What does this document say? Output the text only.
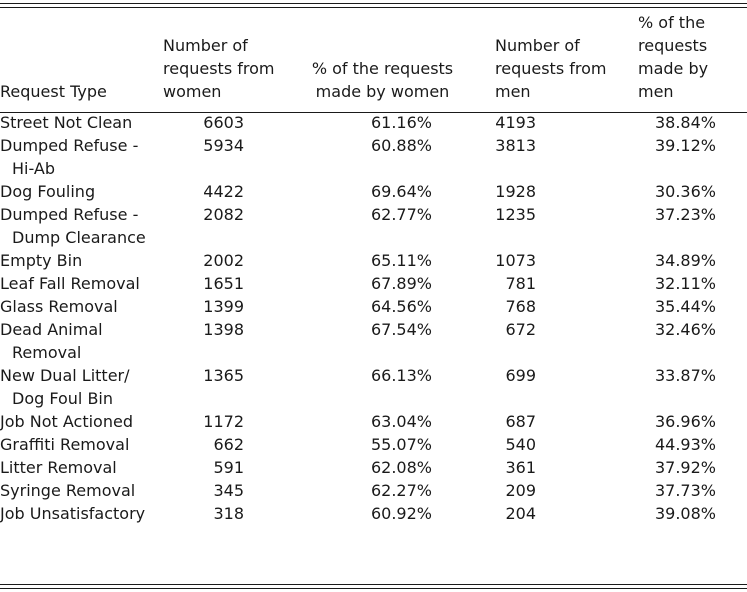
Request Type	Number of requests from women	% of the requests made by women	Number of requests from men	% of the requests made by men

Street Not Clean	6603	61.16%	4193	38.84%

Dumped Refuse - Hi-Ab	5934	60.88%	3813	39.12%

Dog Fouling	4422	69.64%	1928	30.36%

Dumped Refuse - Dump Clearance	2082	62.77%	1235	37.23%

Empty Bin	2002	65.11%	1073	34.89%

Leaf Fall Removal	1651	67.89%	781	32.11%

Glass Removal	1399	64.56%	768	35.44%

Dead Animal Removal	1398	67.54%	672	32.46%

New Dual Litter/ Dog Foul Bin	1365	66.13%	699	33.87%

Job Not Actioned	1172	63.04%	687	36.96%

Graffiti Removal	662	55.07%	540	44.93%

Litter Removal	591	62.08%	361	37.92%

Syringe Removal	345	62.27%	209	37.73%

Job Unsatisfactory	318	60.92%	204	39.08%
